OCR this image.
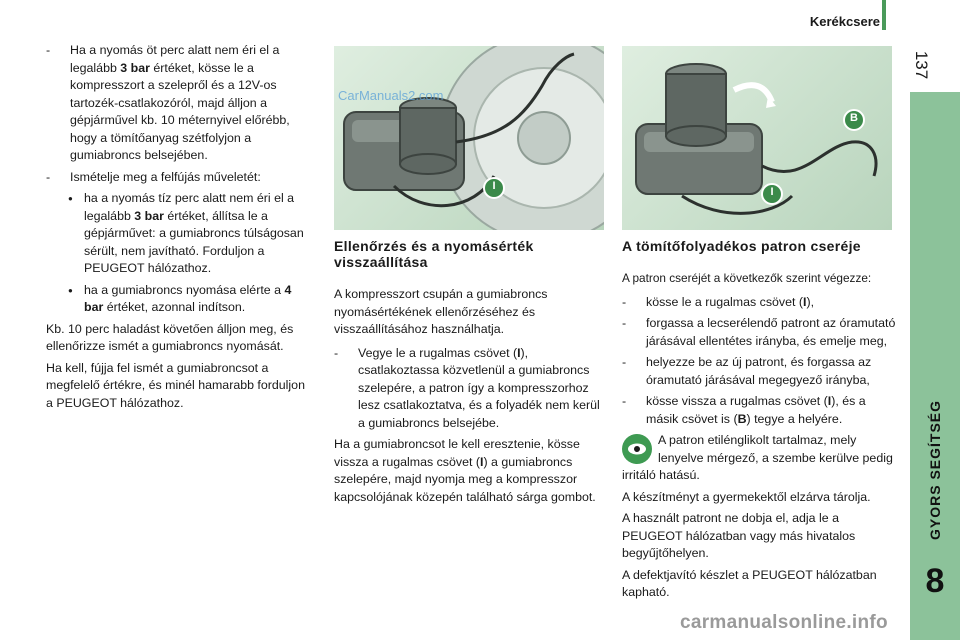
Kerékcsere
137
GYORS SEGÍTSÉG
8
- Ha a nyomás öt perc alatt nem éri el a legalább 3 bar értéket, kösse le a kompresszort a szelepről és a 12V-os tartozék-csatlakozóról, majd álljon a gépjárművel kb. 10 méternyivel előrébb, hogy a tömítőanyag szétfolyjon a gumiabroncs belsejében.
- Ismételje meg a felfújás műveletét:
● ha a nyomás tíz perc alatt nem éri el a legalább 3 bar értéket, állítsa le a gépjárművet: a gumiabroncs túlságosan sérült, nem javítható. Forduljon a PEUGEOT hálózathoz.
● ha a gumiabroncs nyomása elérte a 4 bar értéket, azonnal indítson.
Kb. 10 perc haladást követően álljon meg, és ellenőrizze ismét a gumiabroncs nyomását.
Ha kell, fújja fel ismét a gumiabroncsot a megfelelő értékre, és minél hamarabb forduljon a PEUGEOT hálózathoz.
I
CarManuals2.com
B
I
Ellenőrzés és a nyomásérték visszaállítása
A kompresszort csupán a gumiabroncs nyomásértékének ellenőrzéséhez és visszaállításához használhatja.
- Vegye le a rugalmas csövet (I), csatlakoztassa közvetlenül a gumiabroncs szelepére, a patron így a kompresszorhoz lesz csatlakoztatva, és a folyadék nem kerül a gumiabroncs belsejébe.
Ha a gumiabroncsot le kell eresztenie, kösse vissza a rugalmas csövet (I) a gumiabroncs szelepére, majd nyomja meg a kompresszor kapcsolójának közepén található sárga gombot.
A tömítőfolyadékos patron cseréje
A patron cseréjét a következők szerint végezze:
- kösse le a rugalmas csövet (I),
- forgassa a lecserélendő patront az óramutató járásával ellentétes irányba, és emelje meg,
- helyezze be az új patront, és forgassa az óramutató járásával megegyező irányba,
- kösse vissza a rugalmas csövet (I), és a másik csövet is (B) tegye a helyére.
A patron etilénglikolt tartalmaz, mely lenyelve mérgező, a szembe kerülve pedig irritáló hatású.
A készítményt a gyermekektől elzárva tárolja.
A használt patront ne dobja el, adja le a PEUGEOT hálózatban vagy más hivatalos begyűjtőhelyen.
A defektjavító készlet a PEUGEOT hálózatban kapható.
carmanualsonline.info
